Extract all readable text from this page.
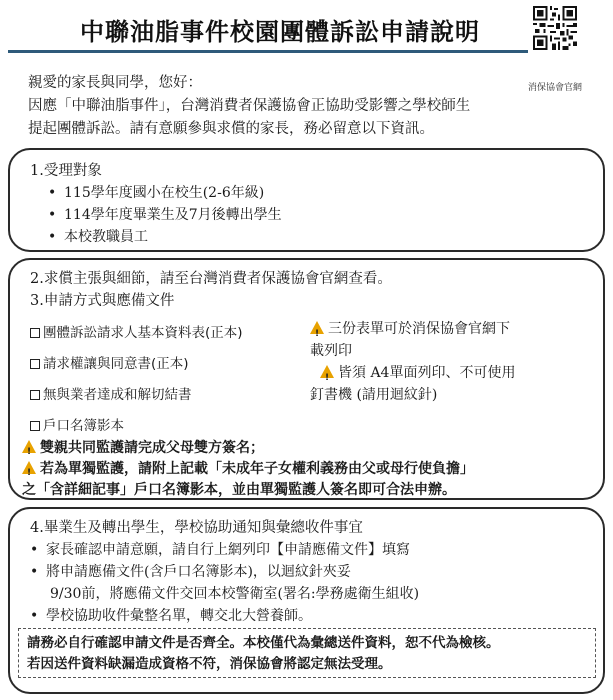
中聯油脂事件校園團體訴訟申請說明
消保協會官網

親愛的家長與同學，您好：

因應「中聯油脂事件」，台灣消費者保護協會正協助受影響之學校師生

提起團體訴訟。請有意願參與求償的家長，務必留意以下資訊。

1.受理對象
• 115學年度國小在校生(2-6年級)
• 114學年度畢業生及7月後轉出學生
• 本校教職員工
2.求償主張與細節，請至台灣消費者保護協會官網查看。
3.申請方式與應備文件
團體訴訟請求人基本資料表(正本)
請求權讓與同意書(正本)
無與業者達成和解切結書
戶口名簿影本
!三份表單可於消保協會官網下
載列印
!皆須 A4單面列印、不可使用
釘書機 (請用迴紋針)
!雙親共同監護請完成父母雙方簽名；
!若為單獨監護，請附上記載「未成年子女權利義務由父或母行使負擔」
之「含詳細記事」戶口名簿影本，並由單獨監護人簽名即可合法申辦。
4.畢業生及轉出學生，學校協助通知與彙總收件事宜
• 家長確認申請意願，請自行上網列印【申請應備文件】填寫
• 將申請應備文件(含戶口名簿影本)，以迴紋針夾妥
9/30前，將應備文件交回本校警衛室(署名:學務處衛生組收)
• 學校協助收件彙整名單，轉交北大營養師。
請務必自行確認申請文件是否齊全。本校僅代為彙總送件資料，恕不代為檢核。
若因送件資料缺漏造成資格不符，消保協會將認定無法受理。
